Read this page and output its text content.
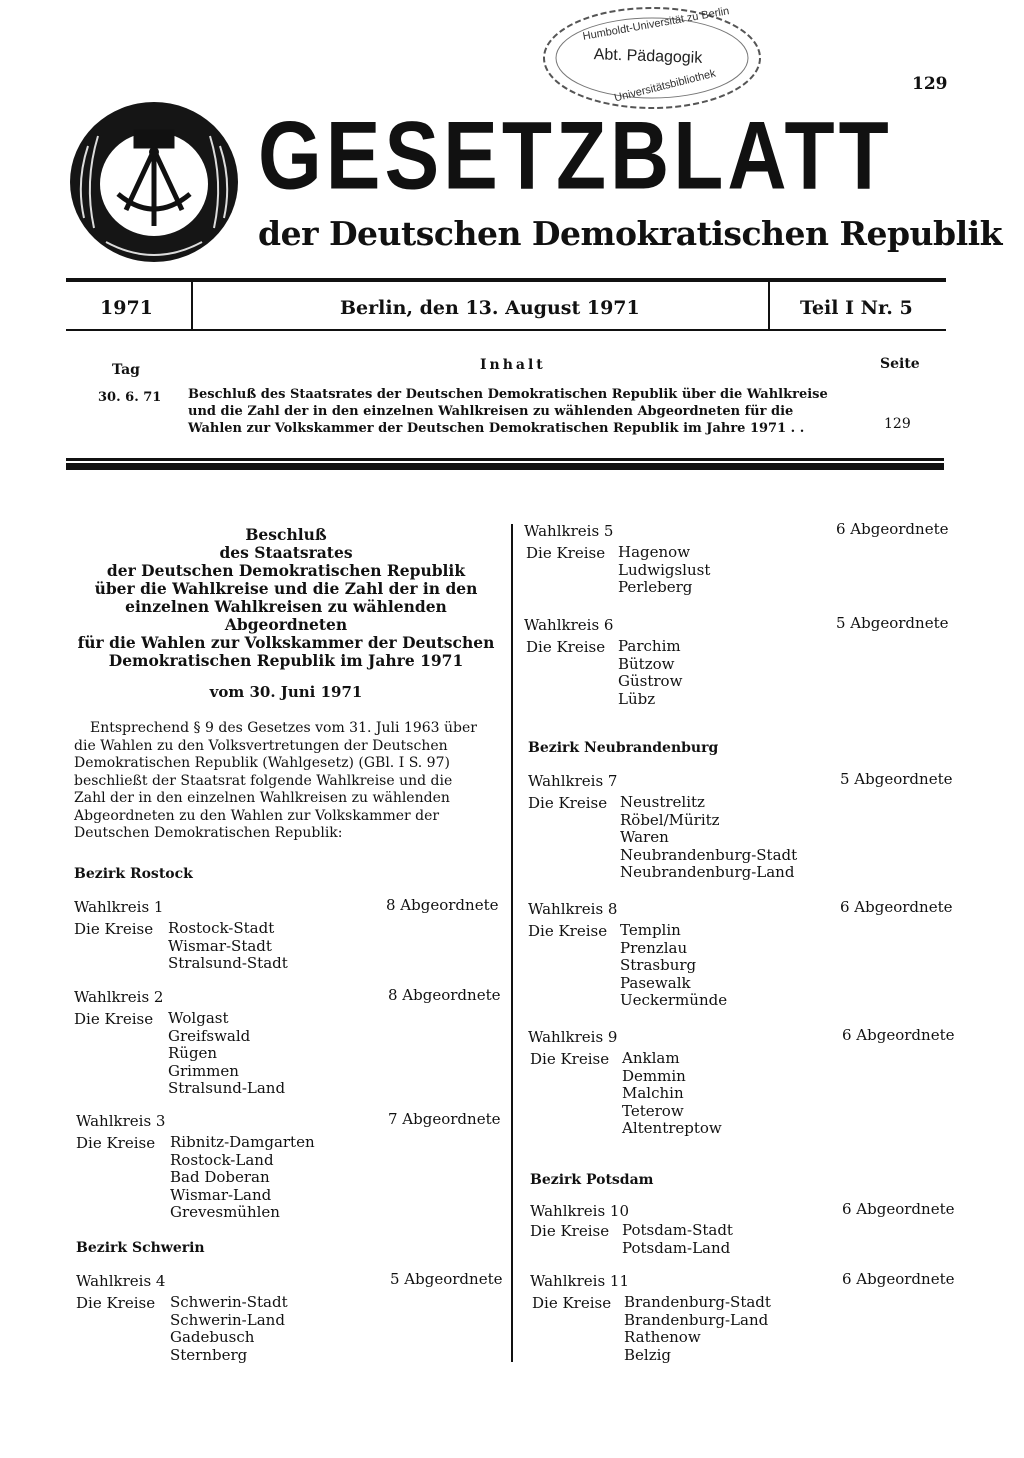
Humboldt-Universität zu Berlin
Abt. Pädagogik
Universitätsbibliothek	129
GESETZBLATT
der Deutschen Demokratischen Republik
1971	Berlin, den 13. August 1971	Teil I Nr. 5
Tag	Inhalt	Seite
30. 6. 71 Beschluß des Staatsrates der Deutschen Demokratischen Republik über die Wahlkreise
und die Zahl der in den einzelnen Wahlkreisen zu wählenden Abgeordneten für die
Wahlen zur Volkskammer der Deutschen Demokratischen Republik im Jahre 1971 . .	129
Beschluß
des Staatsrates
der Deutschen Demokratischen Republik
über die Wahlkreise und die Zahl der in den
einzelnen Wahlkreisen zu wählenden Abgeordneten
für die Wahlen zur Volkskammer der Deutschen
Demokratischen Republik im Jahre 1971
vom 30. Juni 1971
Entsprechend § 9 des Gesetzes vom 31. Juli 1963 über
die Wahlen zu den Volksvertretungen der Deutschen
Demokratischen Republik (Wahlgesetz) (GBl. I S. 97)
beschließt der Staatsrat folgende Wahlkreise und die
Zahl der in den einzelnen Wahlkreisen zu wählenden
Abgeordneten zu den Wahlen zur Volkskammer der
Deutschen Demokratischen Republik:
Bezirk Rostock
Wahlkreis 1	8 Abgeordnete
Die Kreise Rostock-Stadt
Wismar-Stadt
Stralsund-Stadt
Wahlkreis 2	8 Abgeordnete
Die Kreise Wolgast
Greifswald
Rügen
Grimmen
Stralsund-Land
Wahlkreis 3	7 Abgeordnete
Die Kreise Ribnitz-Damgarten
Rostock-Land
Bad Doberan
Wismar-Land
Grevesmühlen
Bezirk Schwerin
Wahlkreis 4	5 Abgeordnete
Die Kreise Schwerin-Stadt
Schwerin-Land
Gadebusch
Sternberg
Wahlkreis 5	6 Abgeordnete
Die Kreise Hagenow
Ludwigslust
Perleberg
Wahlkreis 6	5 Abgeordnete
Die Kreise Parchim
Bützow
Güstrow
Lübz
Bezirk Neubrandenburg
Wahlkreis 7	5 Abgeordnete
Die Kreise Neustrelitz
Röbel/Müritz
Waren
Neubrandenburg-Stadt
Neubrandenburg-Land
Wahlkreis 8	6 Abgeordnete
Die Kreise Templin
Prenzlau
Strasburg
Pasewalk
Ueckermünde
Wahlkreis 9	6 Abgeordnete
Die Kreise Anklam
Demmin
Malchin
Teterow
Altentreptow
Bezirk Potsdam
Wahlkreis 10	6 Abgeordnete
Die Kreise Potsdam-Stadt
Potsdam-Land
Wahlkreis 11	6 Abgeordnete
Die Kreise Brandenburg-Stadt
Brandenburg-Land
Rathenow
Belzig
